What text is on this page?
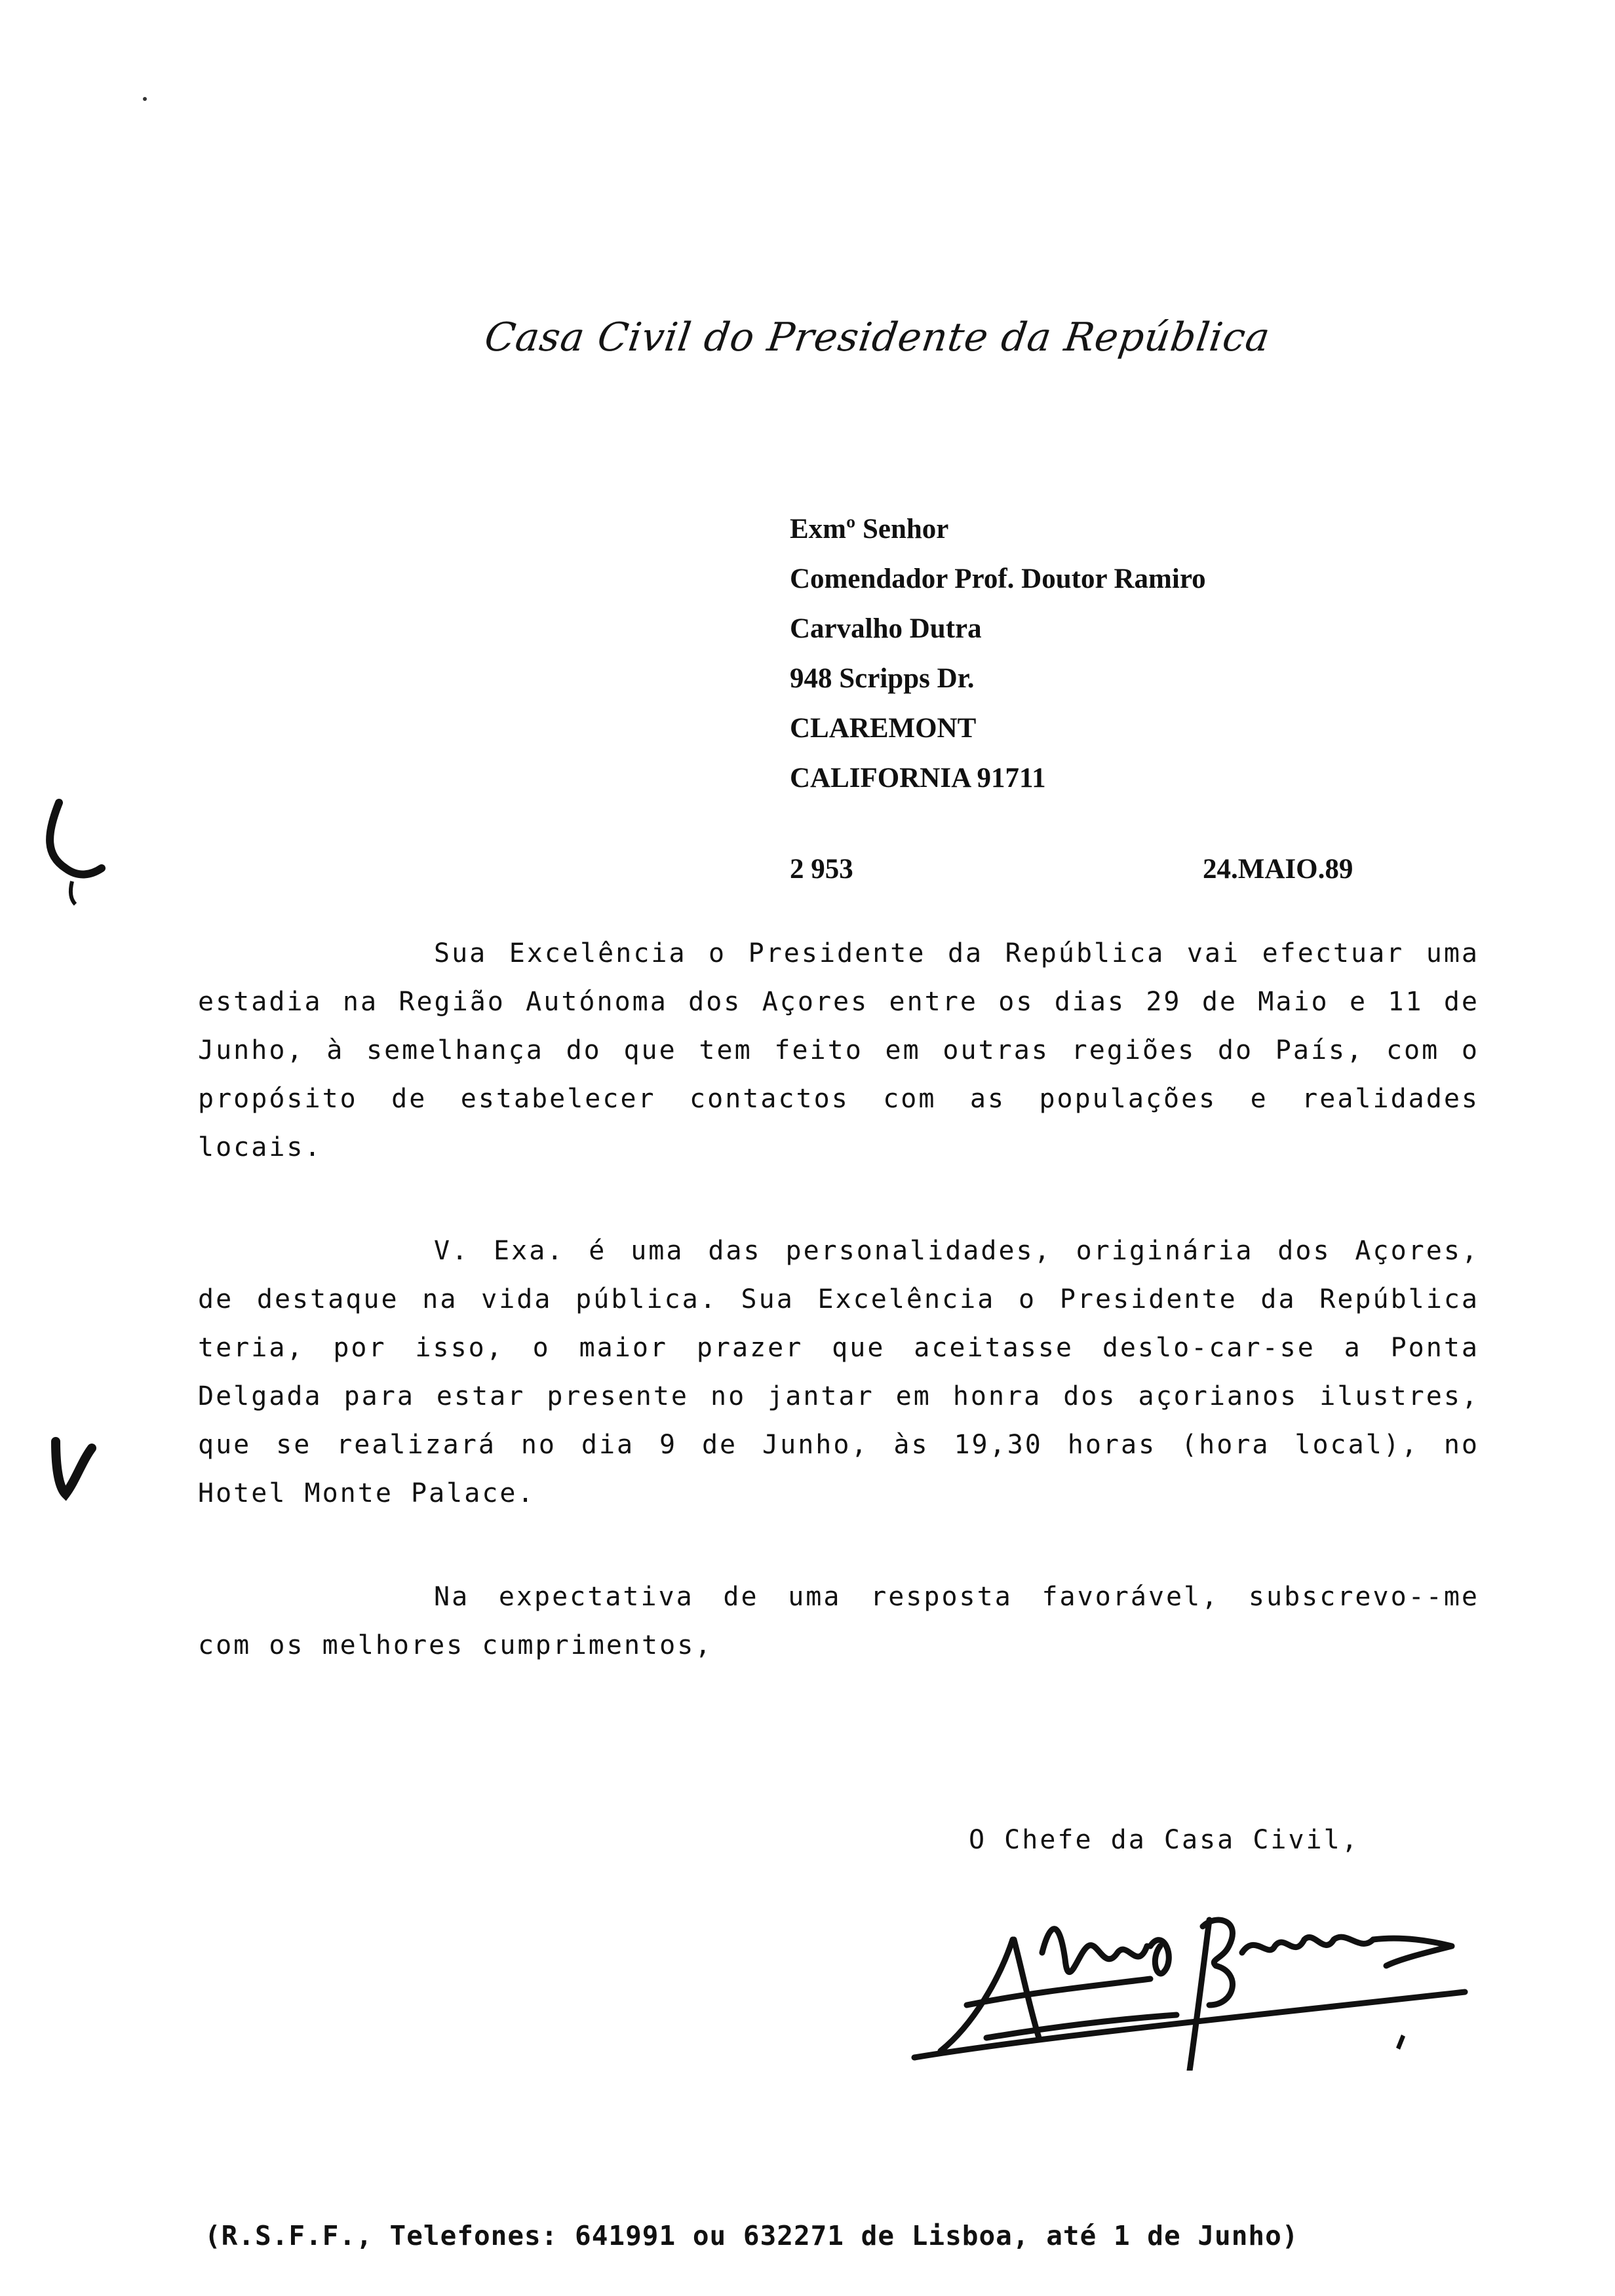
Casa Civil do Presidente da República
Exmº Senhor
Comendador Prof. Doutor Ramiro
Carvalho Dutra
948 Scripps Dr.
CLAREMONT
CALIFORNIA 91711
2 953	24.MAIO.89
Sua Excelência o Presidente da República vai efectuar uma estadia na Região Autónoma dos Açores entre os dias 29 de Maio e 11 de Junho, à semelhança do que tem feito em outras regiões do País, com o propósito de estabelecer contactos com as populações e realidades locais.
V. Exa. é uma das personalidades, originária dos Açores, de destaque na vida pública. Sua Excelência o Presidente da República teria, por isso, o maior prazer que aceitasse deslo-car-se a Ponta Delgada para estar presente no jantar em honra dos açorianos ilustres, que se realizará no dia 9 de Junho, às 19,30 horas (hora local), no Hotel Monte Palace.
Na expectativa de uma resposta favorável, subscrevo--me com os melhores cumprimentos,
O Chefe da Casa Civil,
(R.S.F.F., Telefones: 641991 ou 632271 de Lisboa, até 1 de Junho)
